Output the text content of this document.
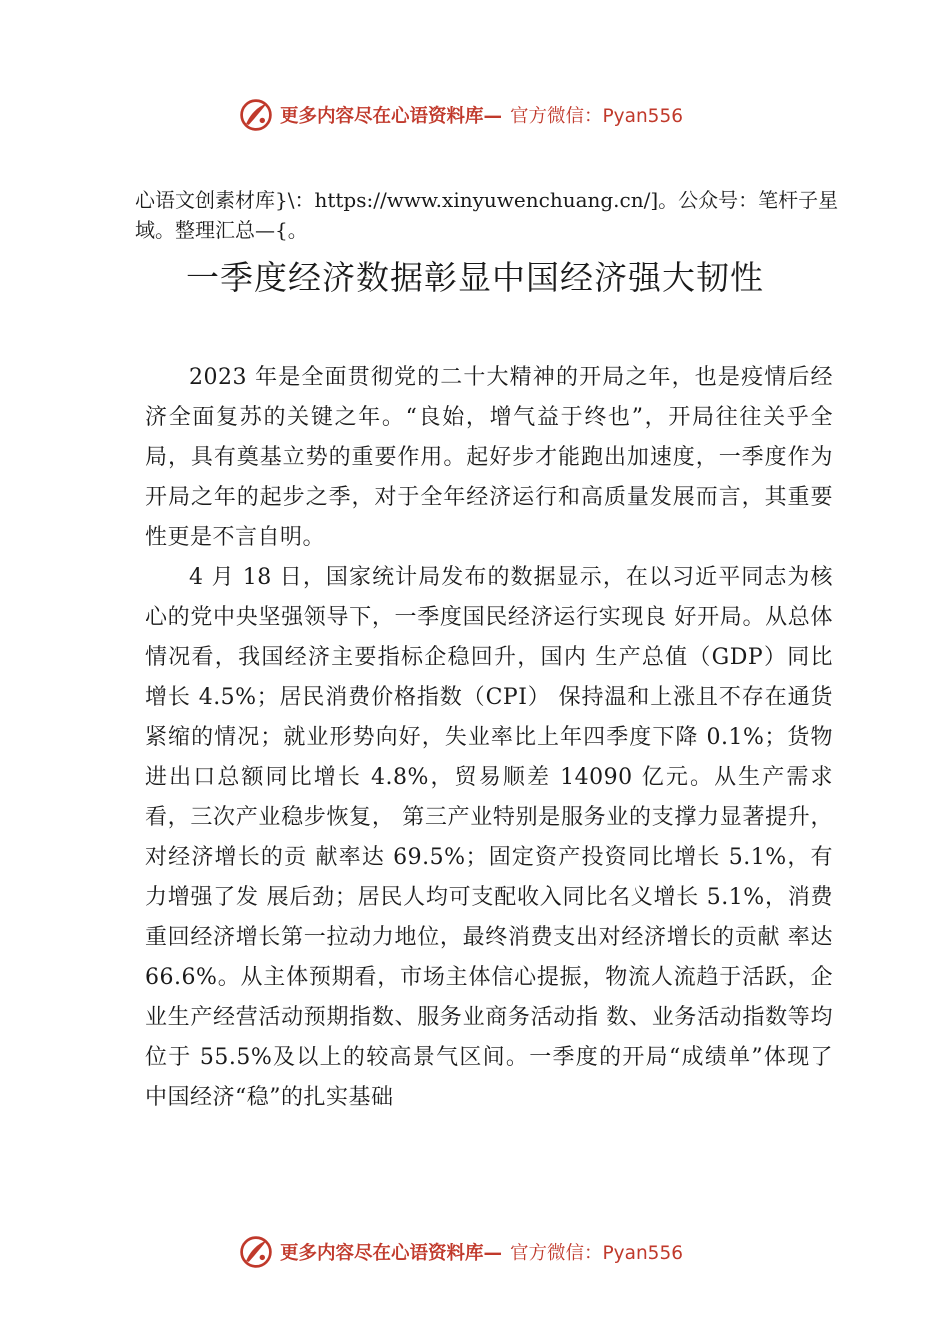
更多内容尽在心语资料库— 官方微信：Pyan556

心语文创素材库}\：https://www.xinyuwenchuang.cn/]。公众号：笔杆子星域。整理汇总—{。

一季度经济数据彰显中国经济强大韧性

2023 年是全面贯彻党的二十大精神的开局之年，也是疫情后经济全面复苏的关键之年。“良始，增气益于终也”，开局往往关乎全局，具有奠基立势的重要作用。起好步才能跑出加速度，一季度作为开局之年的起步之季，对于全年经济运行和高质量发展而言，其重要性更是不言自明。

4 月 18 日，国家统计局发布的数据显示，在以习近平同志为核心的党中央坚强领导下，一季度国民经济运行实现良 好开局。从总体情况看，我国经济主要指标企稳回升，国内 生产总值（GDP）同比增长 4.5%；居民消费价格指数（CPI） 保持温和上涨且不存在通货紧缩的情况；就业形势向好，失业率比上年四季度下降 0.1%；货物进出口总额同比增长 4.8%，贸易顺差 14090 亿元。从生产需求看，三次产业稳步恢复， 第三产业特别是服务业的支撑力显著提升，对经济增长的贡 献率达 69.5%；固定资产投资同比增长 5.1%，有力增强了发 展后劲；居民人均可支配收入同比名义增长 5.1%，消费重回经济增长第一拉动力地位，最终消费支出对经济增长的贡献 率达 66.6%。从主体预期看，市场主体信心提振，物流人流趋于活跃，企业生产经营活动预期指数、服务业商务活动指 数、业务活动指数等均位于 55.5%及以上的较高景气区间。一季度的开局“成绩单”体现了中国经济“稳”的扎实基础

更多内容尽在心语资料库— 官方微信：Pyan556
